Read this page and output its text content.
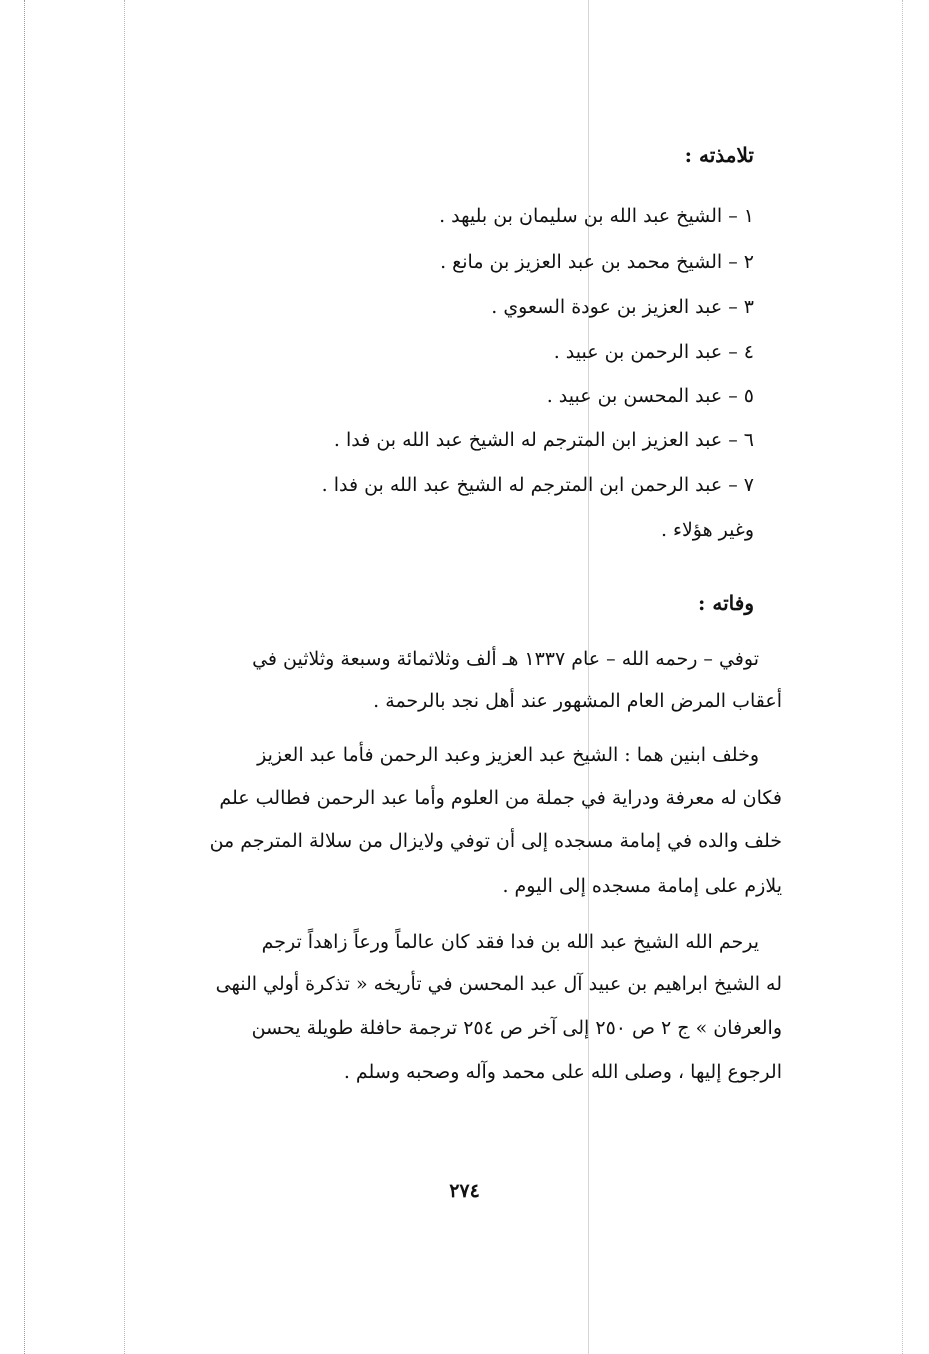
تلامذته :
١ – الشيخ عبد الله بن سليمان بن بليهد .
٢ – الشيخ محمد بن عبد العزيز بن مانع .
٣ – عبد العزيز بن عودة السعوي .
٤ – عبد الرحمن بن عبيد .
٥ – عبد المحسن بن عبيد .
٦ – عبد العزيز ابن المترجم له الشيخ عبد الله بن فدا .
٧ – عبد الرحمن ابن المترجم له الشيخ عبد الله بن فدا .
وغير هؤلاء .
وفاته :
توفي – رحمه الله – عام ١٣٣٧ هـ ألف وثلاثمائة وسبعة وثلاثين في
أعقاب المرض العام المشهور عند أهل نجد بالرحمة .
وخلف ابنين هما : الشيخ عبد العزيز وعبد الرحمن فأما عبد العزيز
فكان له معرفة ودراية في جملة من العلوم وأما عبد الرحمن فطالب علم
خلف والده في إمامة مسجده إلى أن توفي ولايزال من سلالة المترجم من
يلازم على إمامة مسجده إلى اليوم .
يرحم الله الشيخ عبد الله بن فدا فقد كان عالماً ورعاً زاهداً ترجم
له الشيخ ابراهيم بن عبيد آل عبد المحسن في تأريخه « تذكرة أولي النهى
والعرفان » ج ٢ ص ٢٥٠ إلى آخر ص ٢٥٤ ترجمة حافلة طويلة يحسن
الرجوع إليها ، وصلى الله على محمد وآله وصحبه وسلم .
٢٧٤
